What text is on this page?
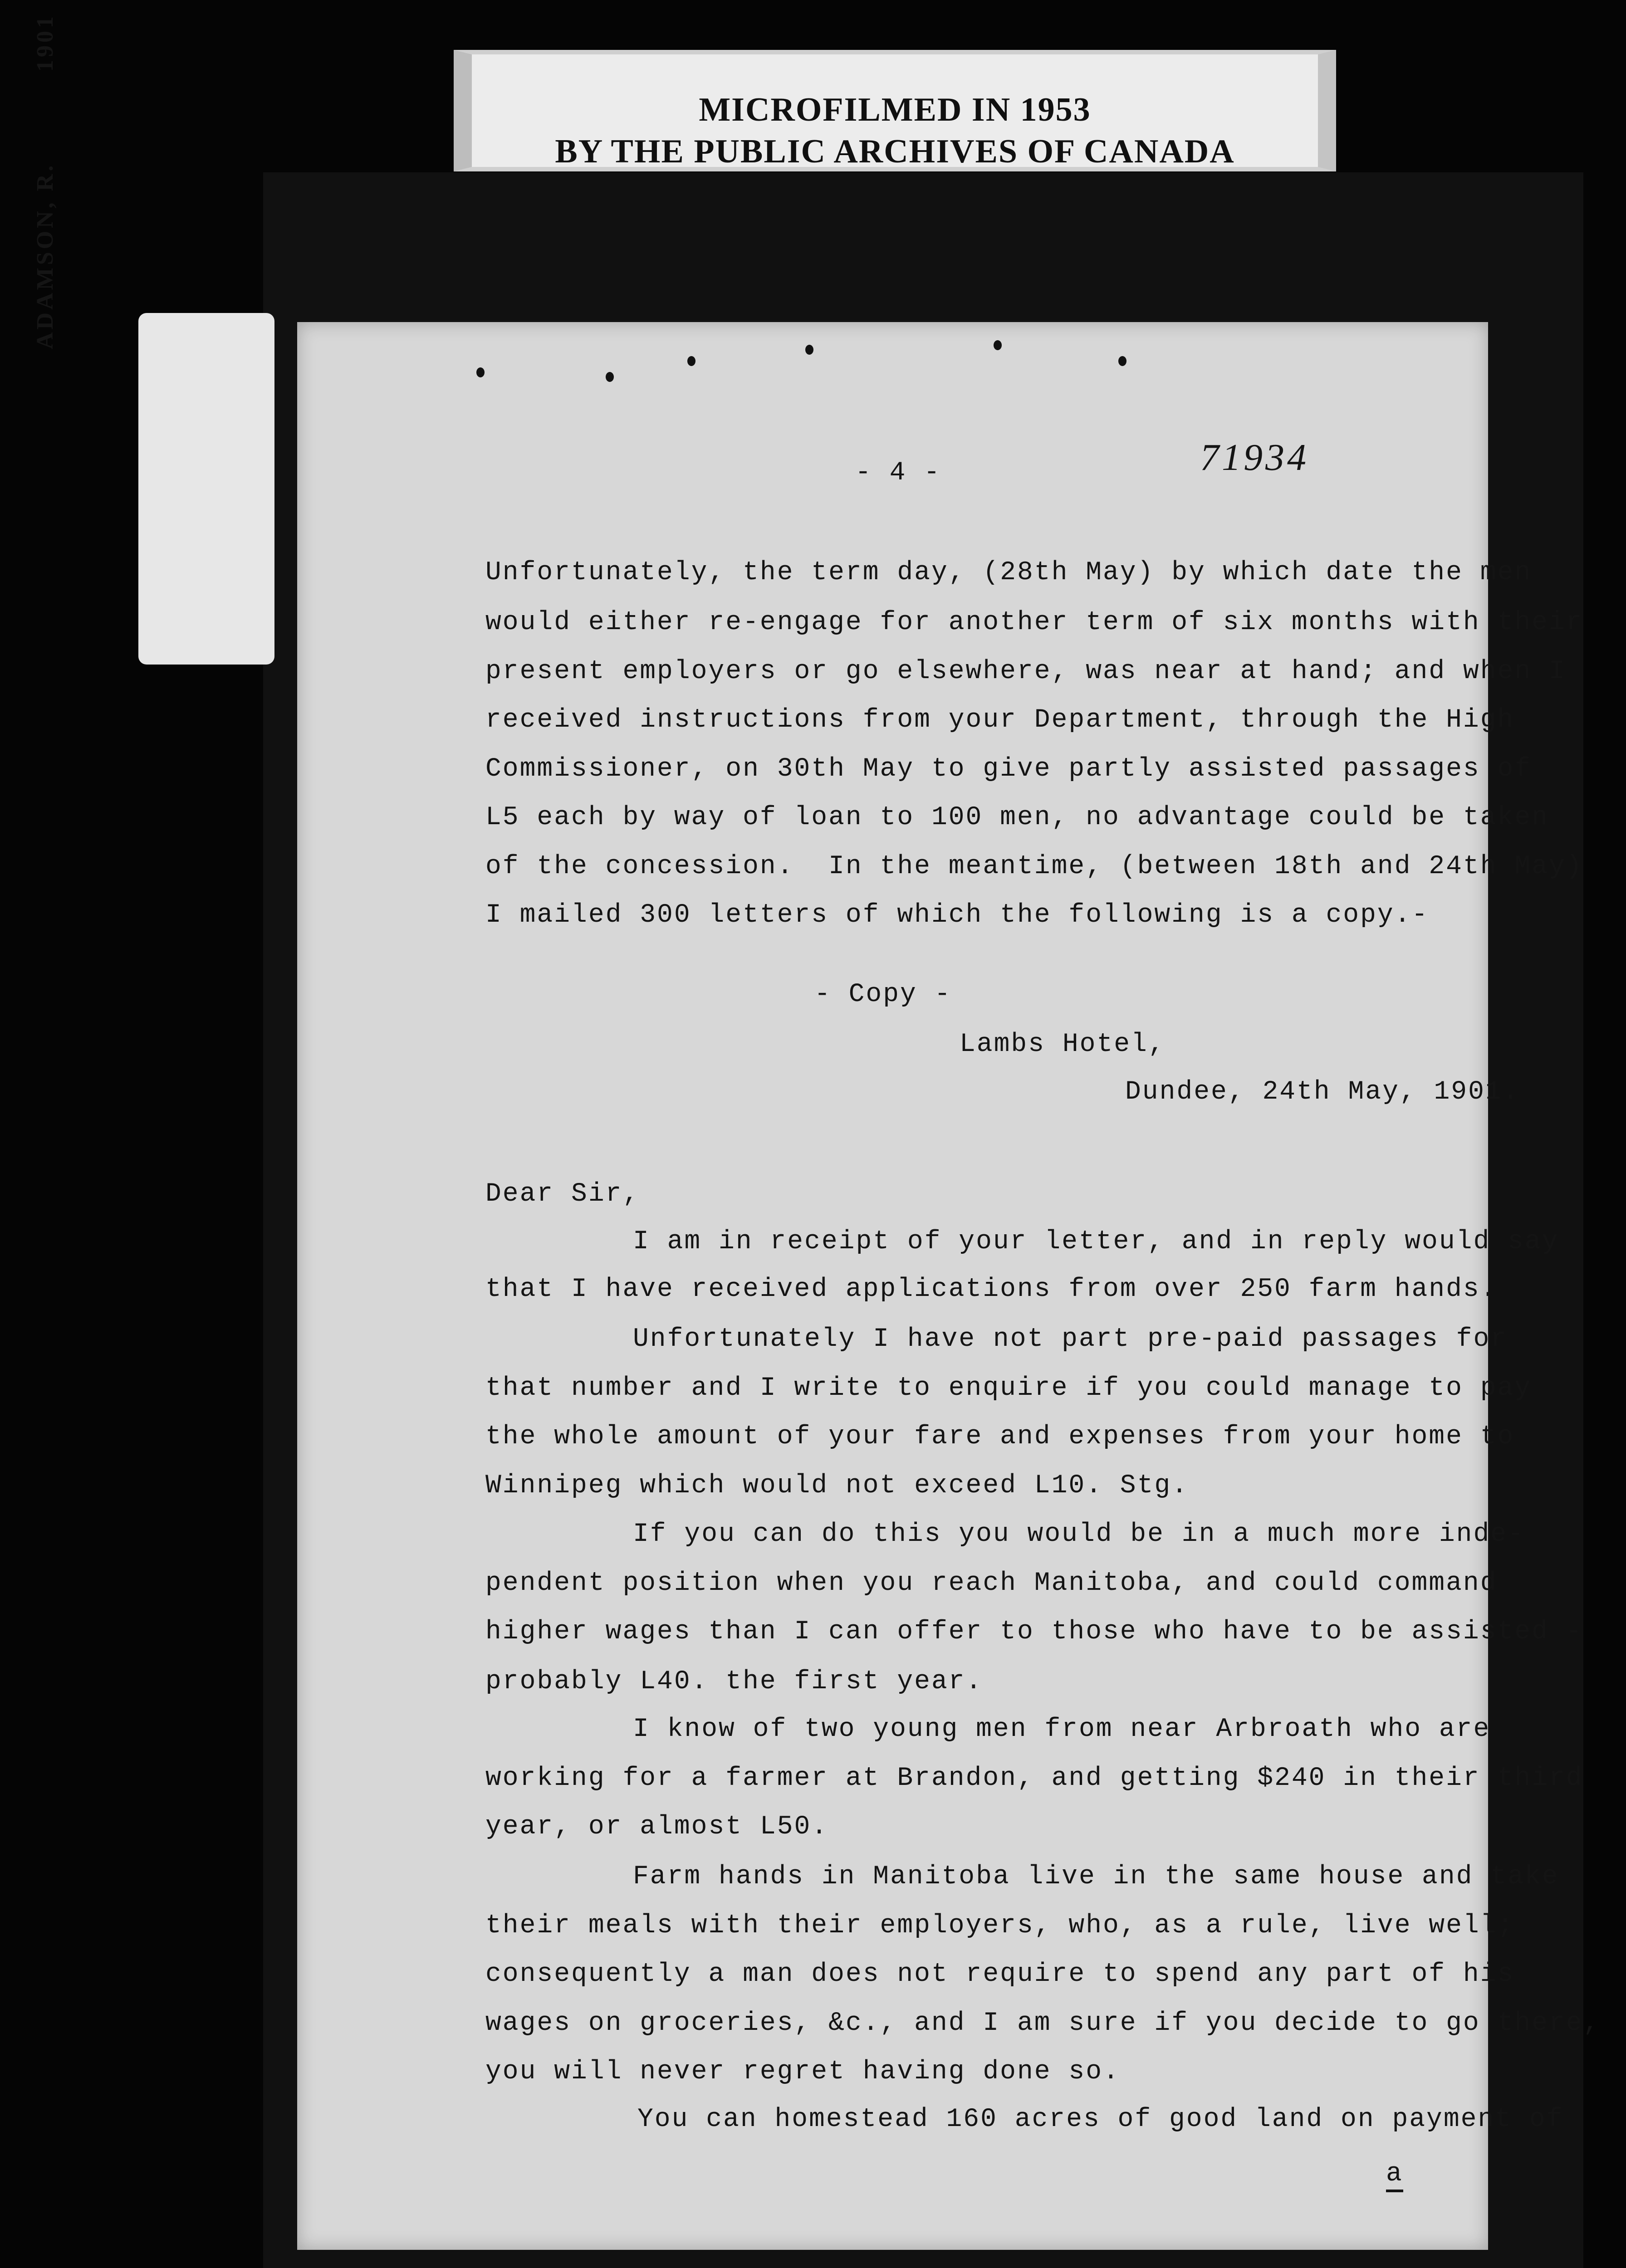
MICROFILMED IN 1953
BY THE PUBLIC ARCHIVES OF CANADA
ADAMSON, R.
1901
- 4 -	71934
Unfortunately, the term day, (28th May) by which date the men
would either re-engage for another term of six months with their
present employers or go elsewhere, was near at hand; and when I
received instructions from your Department, through the High
Commissioner, on 30th May to give partly assisted passages of
L5 each by way of loan to 100 men, no advantage could be taken
of the concession.  In the meantime, (between 18th and 24th May)
I mailed 300 letters of which the following is a copy.-
- Copy -
Lambs Hotel,
Dundee, 24th May, 1901.
Dear Sir,
I am in receipt of your letter, and in reply would say
that I have received applications from over 250 farm hands.
Unfortunately I have not part pre-paid passages for
that number and I write to enquire if you could manage to pay
the whole amount of your fare and expenses from your home to
Winnipeg which would not exceed L10. Stg.
If you can do this you would be in a much more inde-
pendent position when you reach Manitoba, and could command
higher wages than I can offer to those who have to be assisted -
probably L40. the first year.
I know of two young men from near Arbroath who are
working for a farmer at Brandon, and getting $240 in their third
year, or almost L50.
Farm hands in Manitoba live in the same house and take
their meals with their employers, who, as a rule, live well;
consequently a man does not require to spend any part of his
wages on groceries, &c., and I am sure if you decide to go there,
you will never regret having done so.
You can homestead 160 acres of good land on payment of
a
